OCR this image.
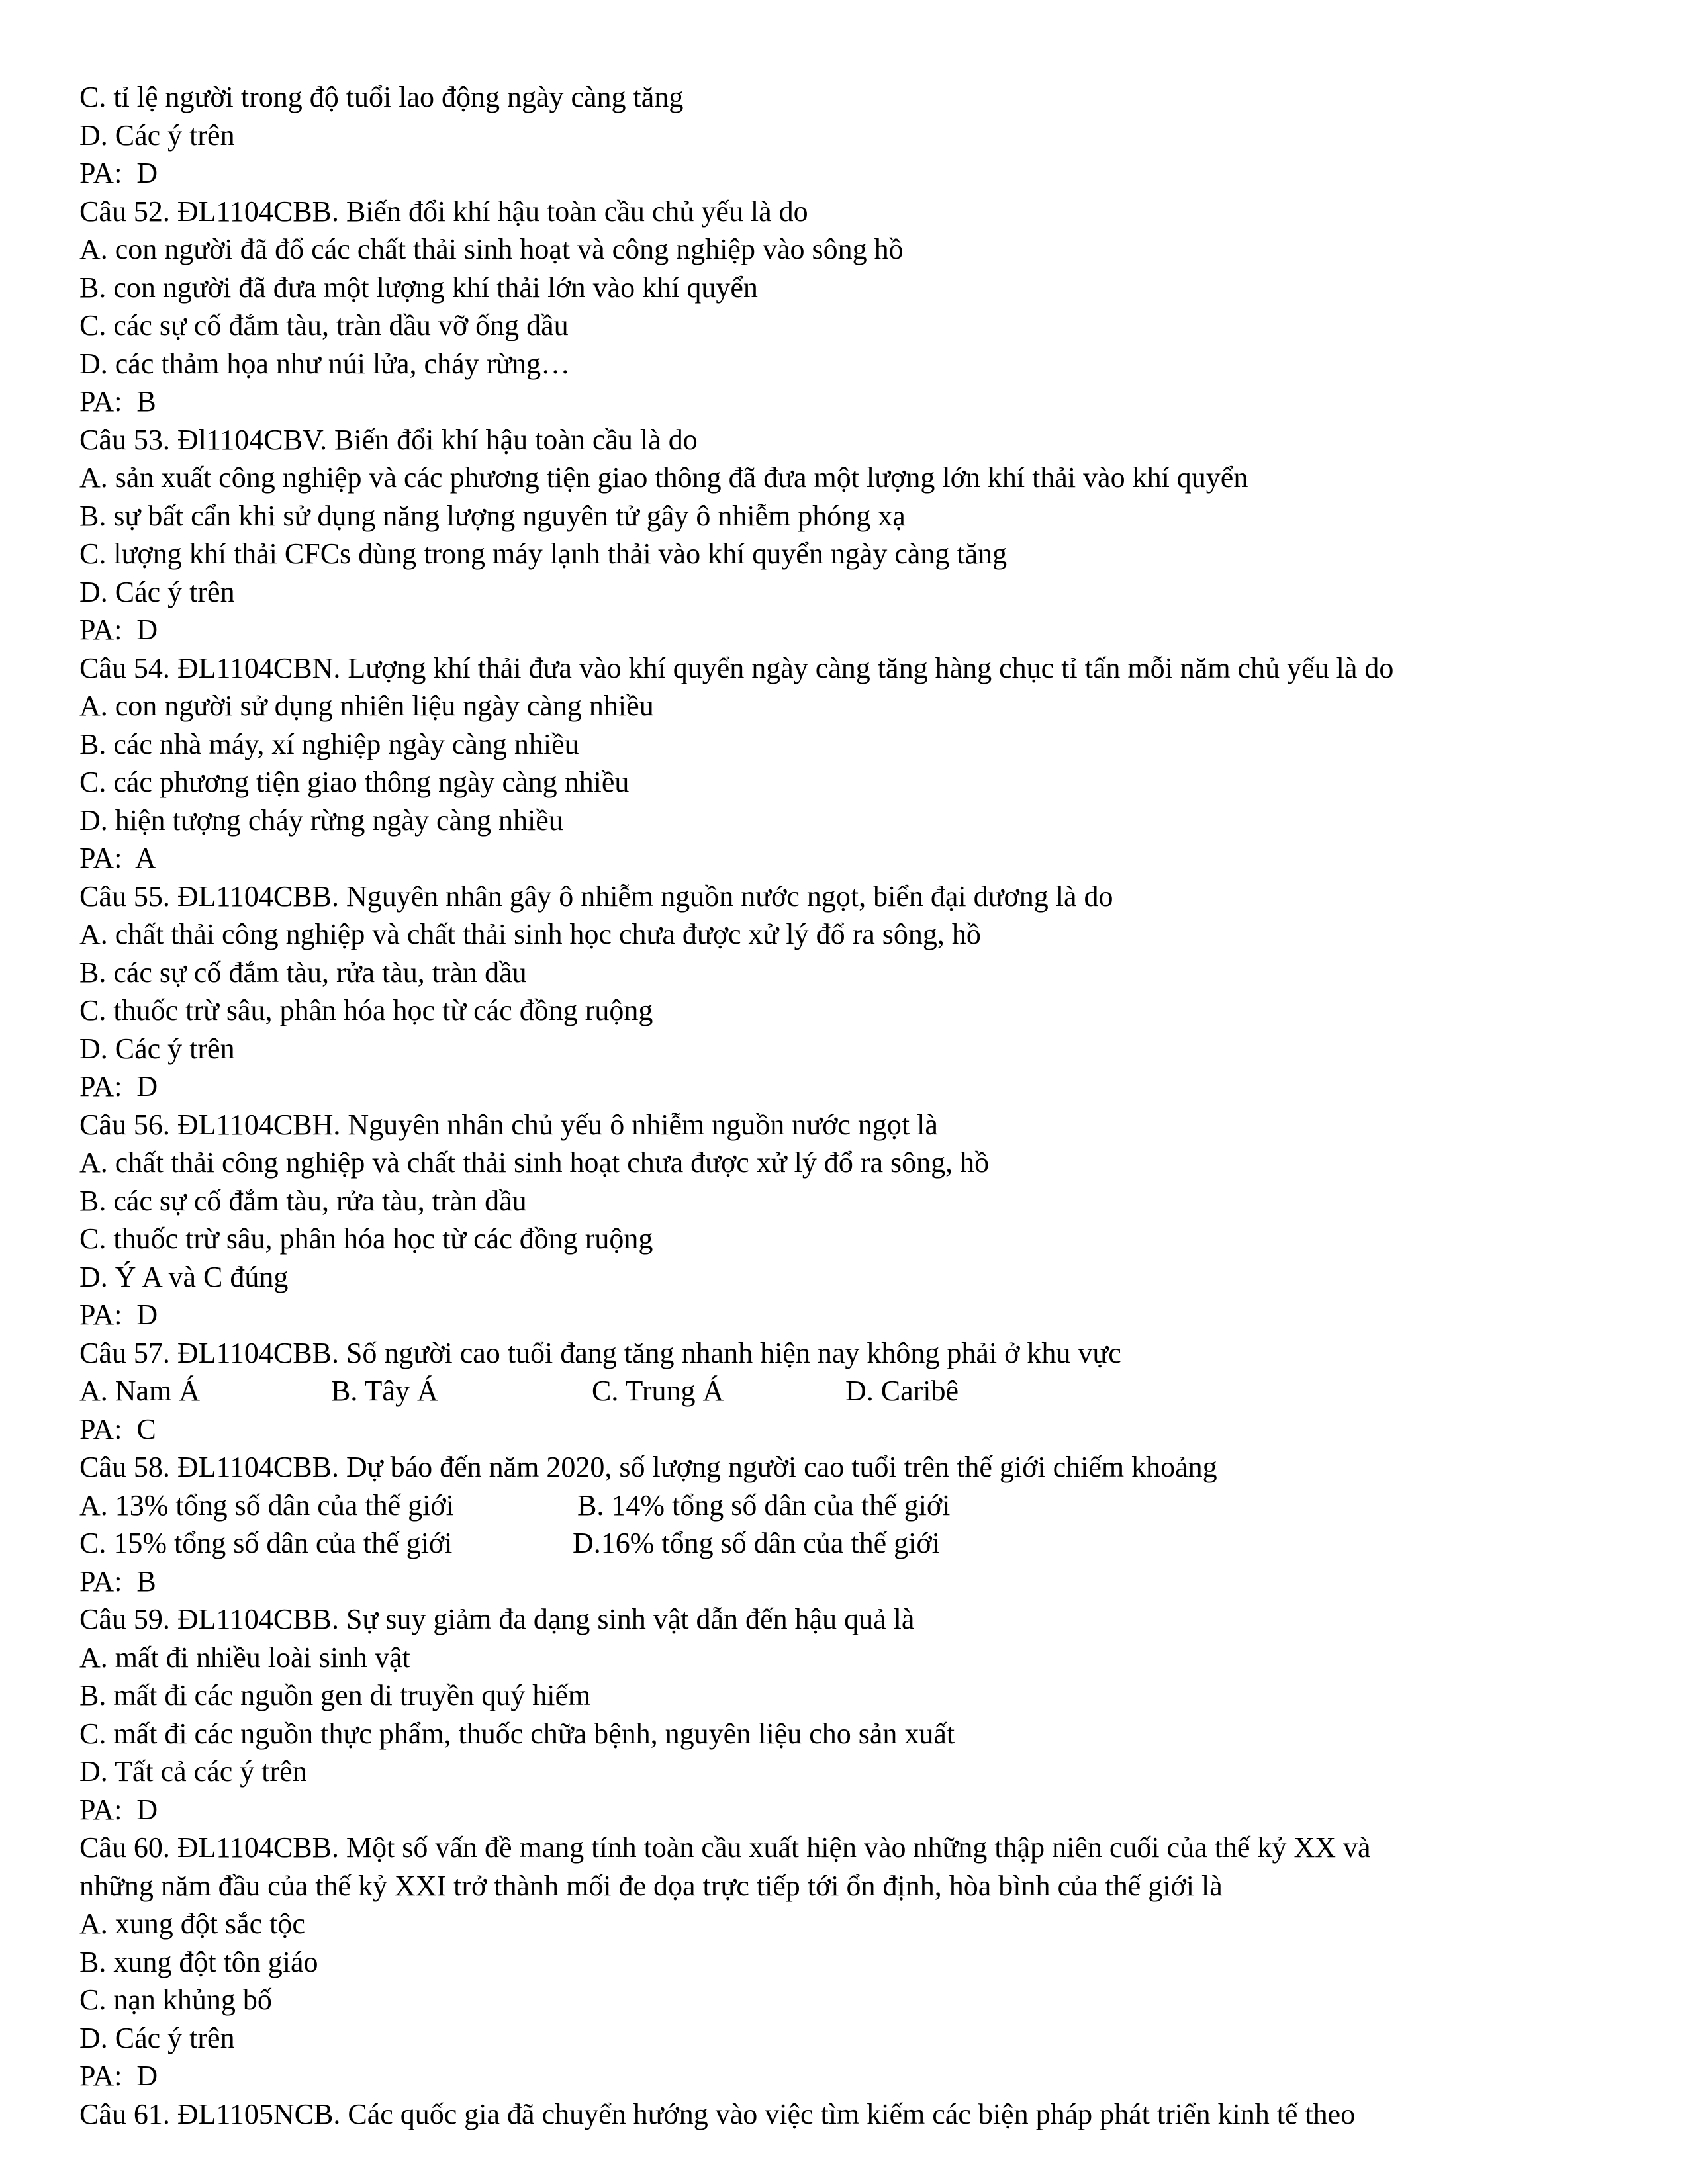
C. tỉ lệ người trong độ tuổi lao động ngày càng tăng
D. Các ý trên
PA:  D
Câu 52. ĐL1104CBB. Biến đổi khí hậu toàn cầu chủ yếu là do
A. con người đã đổ các chất thải sinh hoạt và công nghiệp vào sông hồ
B. con người đã đưa một lượng khí thải lớn vào khí quyển
C. các sự cố đắm tàu, tràn dầu vỡ ống dầu
D. các thảm họa như núi lửa, cháy rừng…
PA:  B
Câu 53. Đl1104CBV. Biến đổi khí hậu toàn cầu là do
A. sản xuất công nghiệp và các phương tiện giao thông đã đưa một lượng lớn khí thải vào khí quyển
B. sự bất cẩn khi sử dụng năng lượng nguyên tử gây ô nhiễm phóng xạ
C. lượng khí thải CFCs dùng trong máy lạnh thải vào khí quyển ngày càng tăng
D. Các ý trên
PA:  D
Câu 54. ĐL1104CBN. Lượng khí thải đưa vào khí quyển ngày càng tăng hàng chục tỉ tấn mỗi năm chủ yếu là do
A. con người sử dụng nhiên liệu ngày càng nhiều
B. các nhà máy, xí nghiệp ngày càng nhiều
C. các phương tiện giao thông ngày càng nhiều
D. hiện tượng cháy rừng ngày càng nhiều
PA:  A
Câu 55. ĐL1104CBB. Nguyên nhân gây ô nhiễm nguồn nước ngọt, biển đại dương là do
A. chất thải công nghiệp và chất thải sinh học chưa được xử lý đổ ra sông, hồ
B. các sự cố đắm tàu, rửa tàu, tràn dầu
C. thuốc trừ sâu, phân hóa học từ các đồng ruộng
D. Các ý trên
PA:  D
Câu 56. ĐL1104CBH. Nguyên nhân chủ yếu ô nhiễm nguồn nước ngọt là
A. chất thải công nghiệp và chất thải sinh hoạt chưa được xử lý đổ ra sông, hồ
B. các sự cố đắm tàu, rửa tàu, tràn dầu
C. thuốc trừ sâu, phân hóa học từ các đồng ruộng
D. Ý A và C đúng
PA:  D
Câu 57. ĐL1104CBB. Số người cao tuổi đang tăng nhanh hiện nay không phải ở khu vực

A. Nam Á

	B. Tây Á

	C. Trung Á

	D. Caribê

PA:  C
Câu 58. ĐL1104CBB. Dự báo đến năm 2020, số lượng người cao tuổi trên thế giới chiếm khoảng

A. 13% tổng số dân của thế giới

	B. 14% tổng số dân của thế giới

C. 15% tổng số dân của thế giới

	D.16% tổng số dân của thế giới

PA:  B
Câu 59. ĐL1104CBB. Sự suy giảm đa dạng sinh vật dẫn đến hậu quả là
A. mất đi nhiều loài sinh vật
B. mất đi các nguồn gen di truyền quý hiếm
C. mất đi các nguồn thực phẩm, thuốc chữa bệnh, nguyên liệu cho sản xuất
D. Tất cả các ý trên
PA:  D
Câu 60. ĐL1104CBB. Một số vấn đề mang tính toàn cầu xuất hiện vào những thập niên cuối của thế kỷ XX và
những năm đầu của thế kỷ XXI trở thành mối đe dọa trực tiếp tới ổn định, hòa bình của thế giới là
A. xung đột sắc tộc
B. xung đột tôn giáo
C. nạn khủng bố
D. Các ý trên
PA:  D
Câu 61. ĐL1105NCB. Các quốc gia đã chuyển hướng vào việc tìm kiếm các biện pháp phát triển kinh tế theo
